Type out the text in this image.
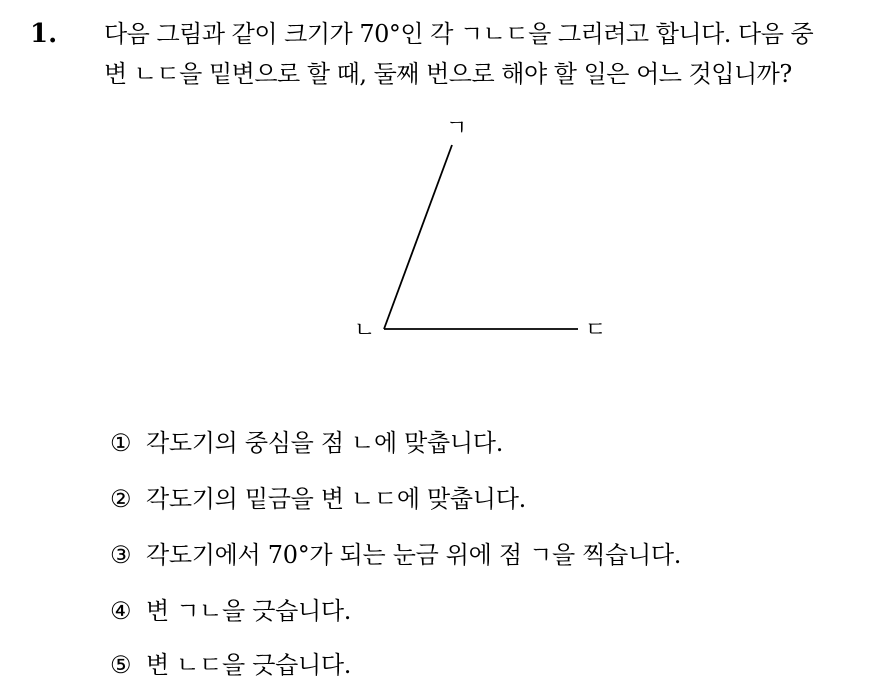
1. 다음 그림과 같이 크기가 70°인 각 ㄱㄴㄷ을 그리려고 합니다. 다음 중
변 ㄴㄷ을 밑변으로 할 때, 둘째 번으로 해야 할 일은 어느 것입니까?
ㄱ
ㄴ	ㄷ
① 각도기의 중심을 점 ㄴ에 맞춥니다.
② 각도기의 밑금을 변 ㄴㄷ에 맞춥니다.
③ 각도기에서 70°가 되는 눈금 위에 점 ㄱ을 찍습니다.
④ 변 ㄱㄴ을 긋습니다.
⑤ 변 ㄴㄷ을 긋습니다.
